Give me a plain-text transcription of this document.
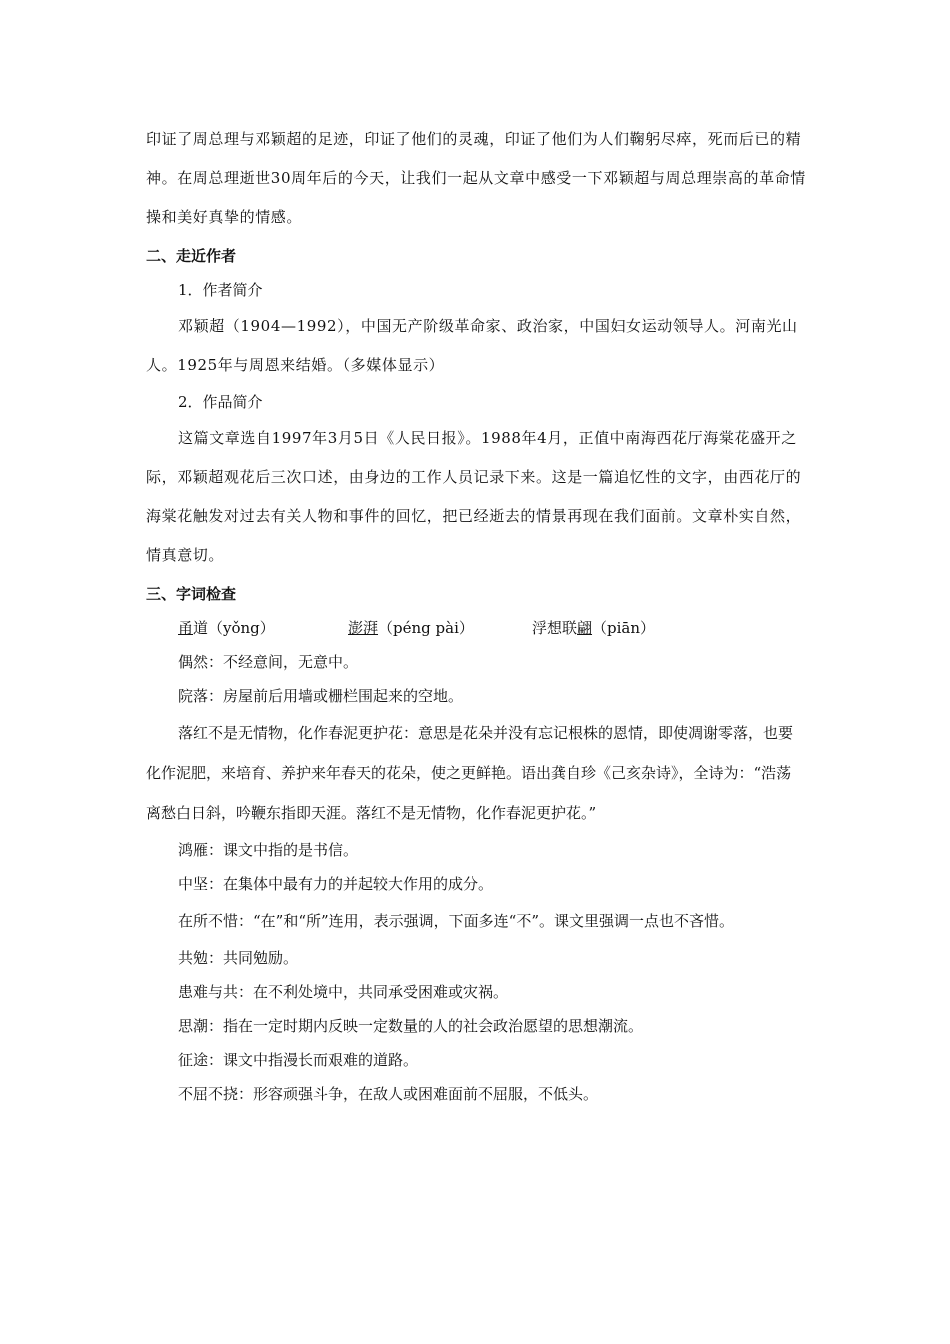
印证了周总理与邓颖超的足迹，印证了他们的灵魂，印证了他们为人们鞠躬尽瘁，死而后已的精神。在周总理逝世30周年后的今天，让我们一起从文章中感受一下邓颖超与周总理崇高的革命情操和美好真挚的情感。

二、走近作者

1．作者简介

邓颖超（1904—1992），中国无产阶级革命家、政治家，中国妇女运动领导人。河南光山人。1925年与周恩来结婚。（多媒体显示）

2．作品简介

这篇文章选自1997年3月5日《人民日报》。1988年4月，正值中南海西花厅海棠花盛开之际，邓颖超观花后三次口述，由身边的工作人员记录下来。这是一篇追忆性的文字，由西花厅的海棠花触发对过去有关人物和事件的回忆，把已经逝去的情景再现在我们面前。文章朴实自然，情真意切。

三、字词检查

甬道（yǒng）	澎湃（péng pài）	浮想联翩（piān）

偶然：不经意间，无意中。

院落：房屋前后用墙或栅栏围起来的空地。

落红不是无情物，化作春泥更护花：意思是花朵并没有忘记根株的恩情，即使凋谢零落，也要化作泥肥，来培育、养护来年春天的花朵，使之更鲜艳。语出龚自珍《己亥杂诗》，全诗为：“浩荡离愁白日斜，吟鞭东指即天涯。落红不是无情物，化作春泥更护花。”

鸿雁：课文中指的是书信。

中坚：在集体中最有力的并起较大作用的成分。

在所不惜：“在”和“所”连用，表示强调，下面多连“不”。课文里强调一点也不吝惜。

共勉：共同勉励。

患难与共：在不利处境中，共同承受困难或灾祸。

思潮：指在一定时期内反映一定数量的人的社会政治愿望的思想潮流。

征途：课文中指漫长而艰难的道路。

不屈不挠：形容顽强斗争，在敌人或困难面前不屈服，不低头。
